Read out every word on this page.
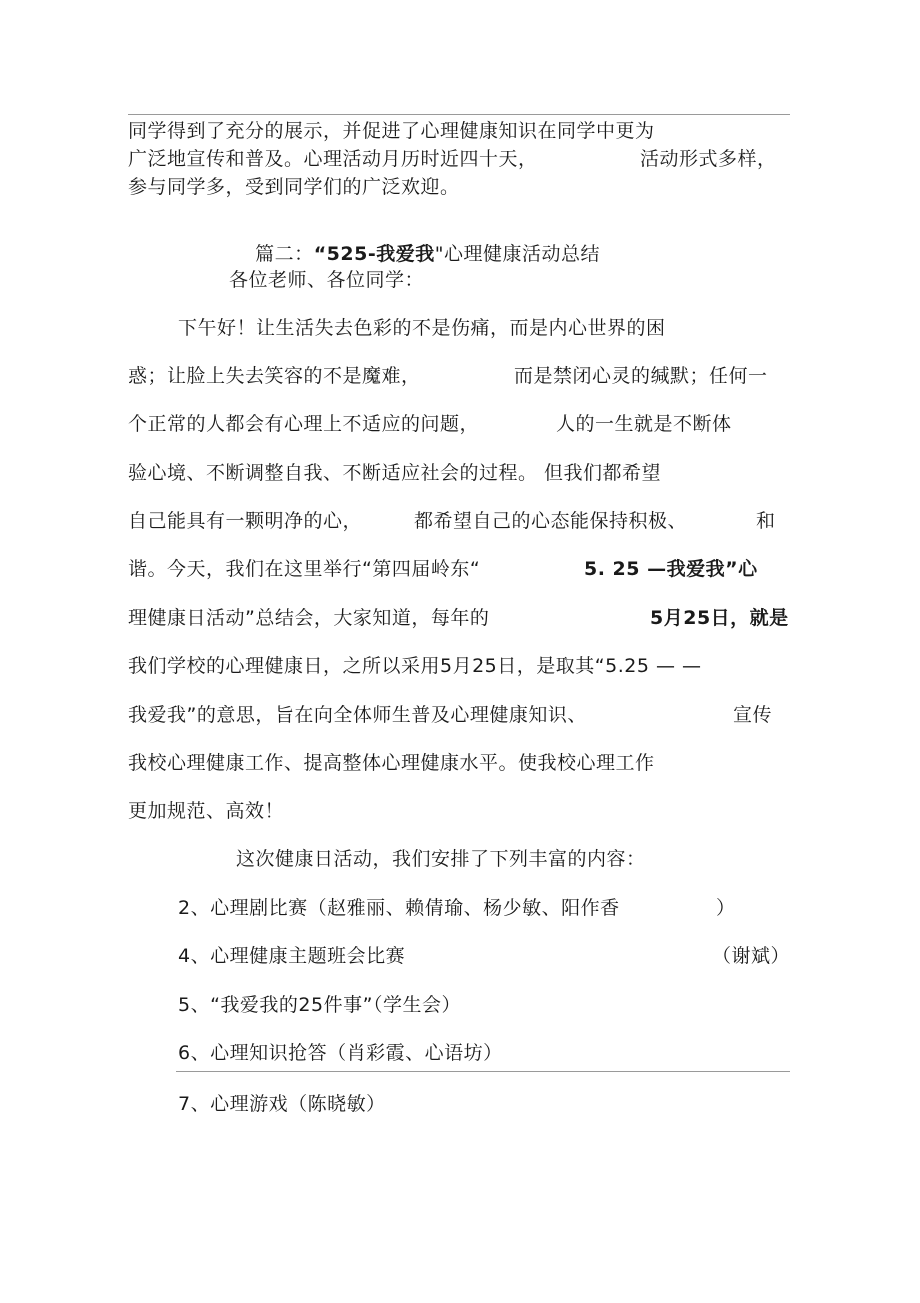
同学得到了充分的展示，并促进了心理健康知识在同学中更为
广泛地宣传和普及。心理活动月历时近四十天，	活动形式多样，
参与同学多，受到同学们的广泛欢迎。

篇二：“525-我爱我"心理健康活动总结

各位老师、各位同学：
下午好！让生活失去色彩的不是伤痛，而是内心世界的困
惑；让脸上失去笑容的不是魔难，	而是禁闭心灵的缄默；任何一
个正常的人都会有心理上不适应的问题，	人的一生就是不断体
验心境、不断调整自我、不断适应社会的过程。 但我们都希望
自己能具有一颗明净的心，	都希望自己的心态能保持积极、	和
谐。今天，我们在这里举行“第四届岭东“	5. 25 —我爱我”心
理健康日活动”总结会，大家知道，每年的	5月25日，就是
我们学校的心理健康日，之所以采用5月25日，是取其“5.25 — —
我爱我”的意思，旨在向全体师生普及心理健康知识、	宣传
我校心理健康工作、提高整体心理健康水平。使我校心理工作
更加规范、高效！
这次健康日活动，我们安排了下列丰富的内容：
2、心理剧比赛（赵雅丽、赖倩瑜、杨少敏、阳作香	）
4、心理健康主题班会比赛	（谢斌）
5、“我爱我的25件事”（学生会）
6、心理知识抢答（肖彩霞、心语坊）
7、心理游戏（陈晓敏）
